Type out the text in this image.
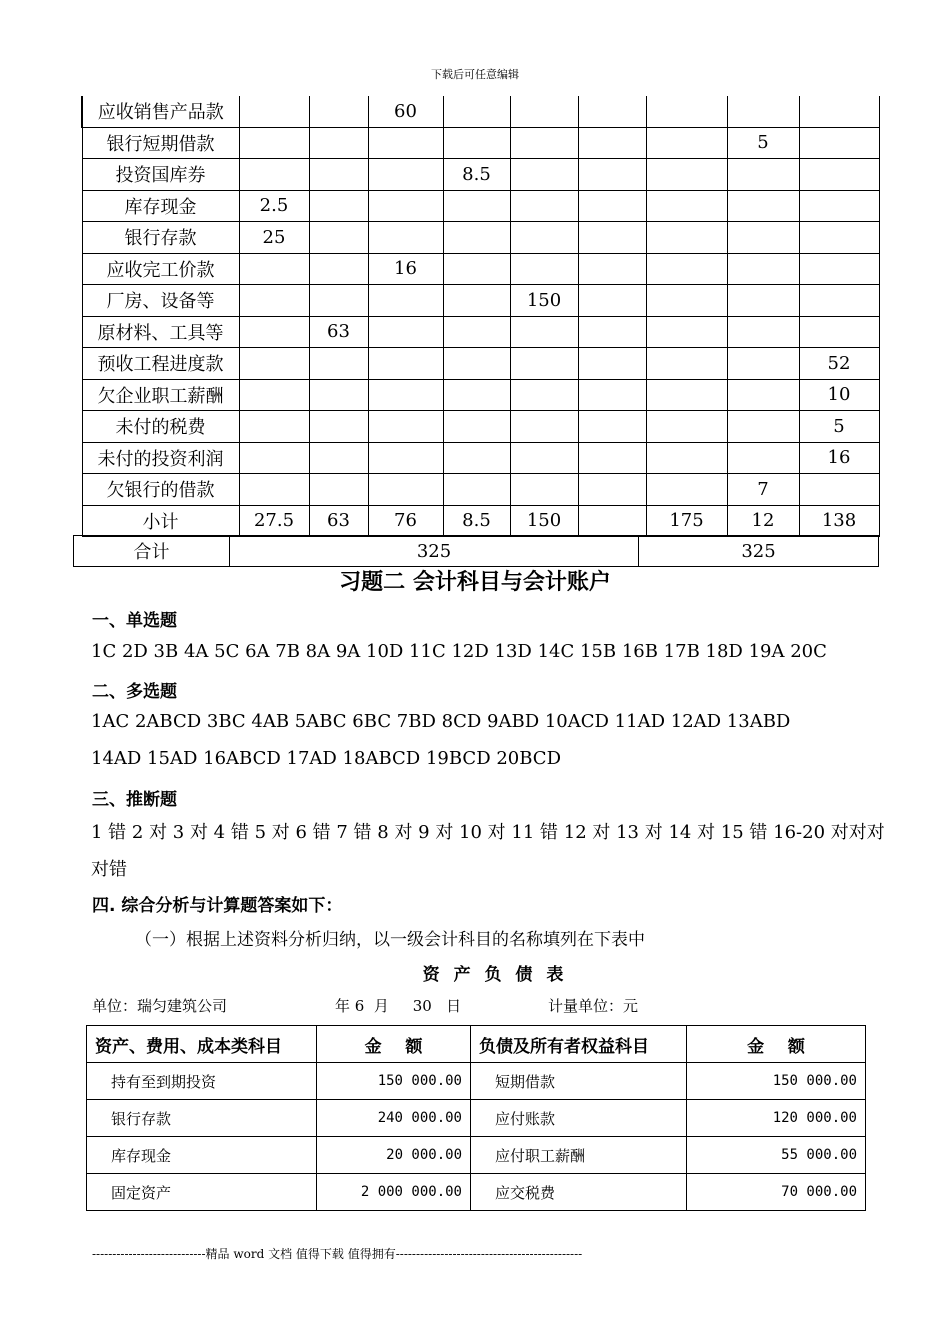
下载后可任意编辑
应收销售产品款			60						
银行短期借款								5	
投资国库券				8.5					
库存现金	2.5								
银行存款	25								
应收完工价款			16						
厂房、设备等					150				
原材料、工具等		63							
预收工程进度款									52
欠企业职工薪酬									10
未付的税费									5
未付的投资利润									16
欠银行的借款								7	
小计	27.5	63	76	8.5	150		175	12	138
合计	325	325
习题二 会计科目与会计账户
一、单选题
1C 2D 3B 4A 5C 6A 7B 8A 9A 10D 11C 12D 13D 14C 15B 16B 17B 18D 19A 20C
二、多选题
1AC 2ABCD 3BC 4AB 5ABC 6BC 7BD 8CD 9ABD 10ACD 11AD 12AD 13ABD
14AD 15AD 16ABCD 17AD 18ABCD 19BCD 20BCD
三、推断题
1 错 2 对 3 对 4 错 5 对 6 错 7 错 8 对 9 对 10 对 11 错 12 对 13 对 14 对 15 错 16-20 对对对
对错
四. 综合分析与计算题答案如下：
（一）根据上述资料分析归纳，以一级会计科目的名称填列在下表中
资 产 负 债 表
单位：瑞匀建筑公司	年 6  月     30   日	计量单位：元
资产、费用、成本类科目	金    额	负债及所有者权益科目	金    额
持有至到期投资	150 000.00	短期借款	150 000.00
银行存款	240 000.00	应付账款	120 000.00
库存现金	20 000.00	应付职工薪酬	55 000.00
固定资产	2 000 000.00	应交税费	70 000.00
----------------------------精品 word 文档 值得下载 值得拥有----------------------------------------------
